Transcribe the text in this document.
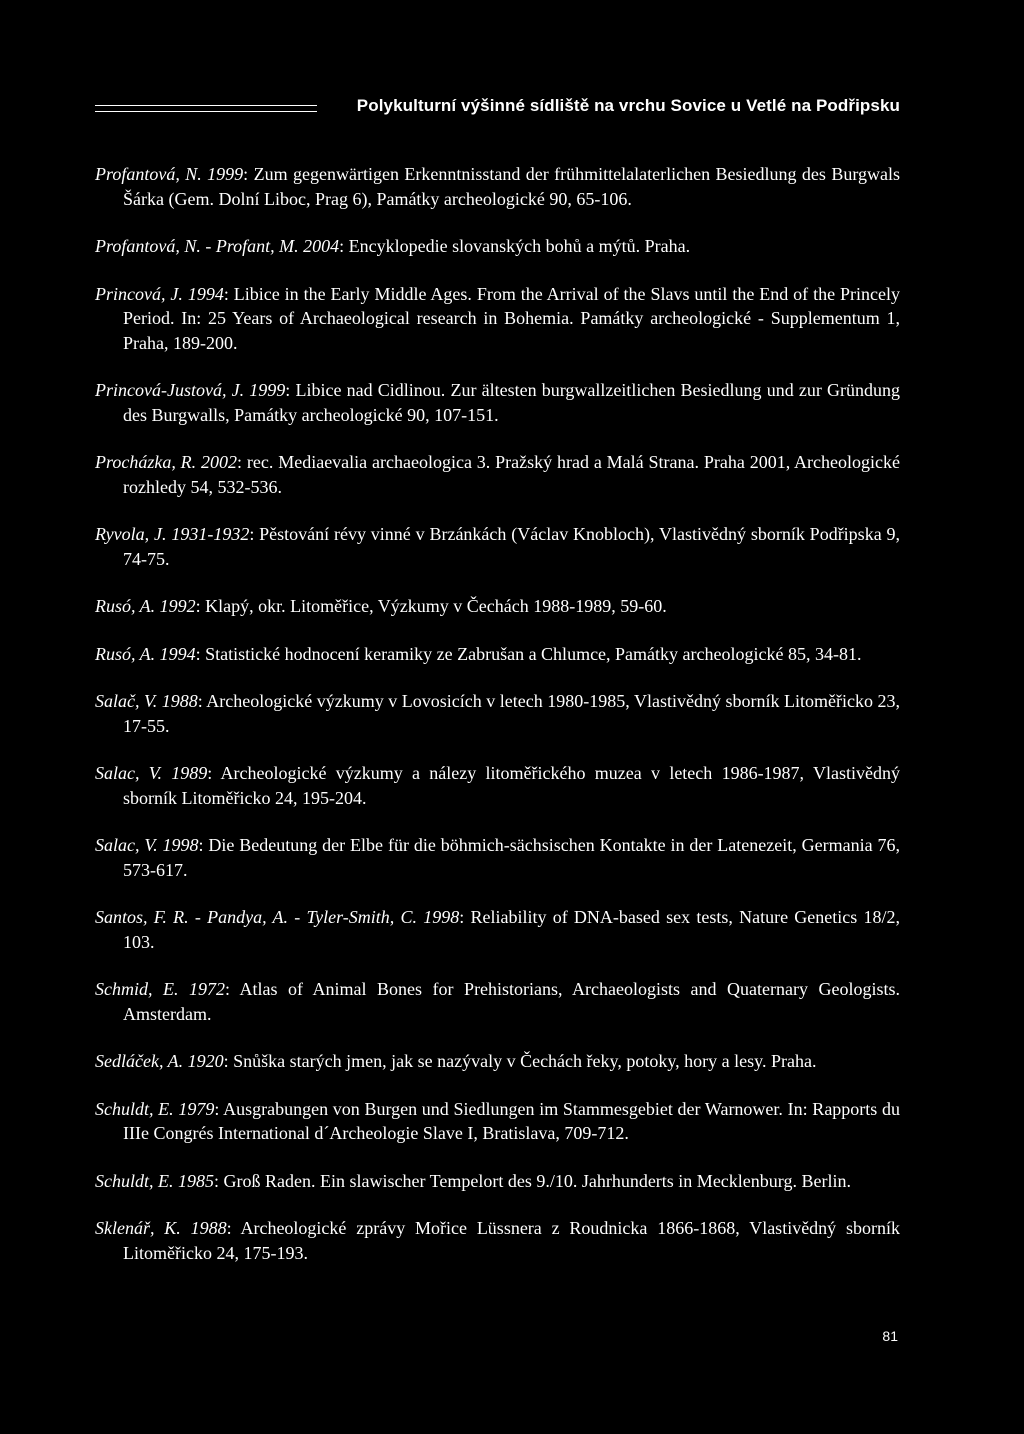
Polykulturní výšinné sídliště na vrchu Sovice u Vetlé na Podřipsku

Profantová, N. 1999: Zum gegenwärtigen Erkenntnisstand der frühmittelalaterlichen Besiedlung des Burgwals Šárka (Gem. Dolní Liboc, Prag 6), Památky archeologické 90, 65-106.

Profantová, N. - Profant, M. 2004: Encyklopedie slovanských bohů a mýtů. Praha.

Princová, J. 1994: Libice in the Early Middle Ages. From the Arrival of the Slavs until the End of the Princely Period. In: 25 Years of Archaeological research in Bohemia. Památky archeologické - Supplementum 1, Praha, 189-200.

Princová-Justová, J. 1999: Libice nad Cidlinou. Zur ältesten burgwallzeitlichen Besiedlung und zur Gründung des Burgwalls, Památky archeologické 90, 107-151.

Procházka, R. 2002: rec. Mediaevalia archaeologica 3. Pražský hrad a Malá Strana. Praha 2001, Archeologické rozhledy 54, 532-536.

Ryvola, J. 1931-1932: Pěstování révy vinné v Brzánkách (Václav Knobloch), Vlastivědný sborník Podřipska 9, 74-75.

Rusó, A. 1992: Klapý, okr. Litoměřice, Výzkumy v Čechách 1988-1989, 59-60.

Rusó, A. 1994: Statistické hodnocení keramiky ze Zabrušan a Chlumce, Památky archeologické 85, 34-81.

Salač, V. 1988: Archeologické výzkumy v Lovosicích v letech 1980-1985, Vlastivědný sborník Litoměřicko 23, 17-55.

Salac, V. 1989: Archeologické výzkumy a nálezy litoměřického muzea v letech 1986-1987, Vlastivědný sborník Litoměřicko 24, 195-204.

Salac, V. 1998: Die Bedeutung der Elbe für die böhmich-sächsischen Kontakte in der Latenezeit, Germania 76, 573-617.

Santos, F. R. - Pandya, A. - Tyler-Smith, C. 1998: Reliability of DNA-based sex tests, Nature Genetics 18/2, 103.

Schmid, E. 1972: Atlas of Animal Bones for Prehistorians, Archaeologists and Quaternary Geologists. Amsterdam.

Sedláček, A. 1920: Snůška starých jmen, jak se nazývaly v Čechách řeky, potoky, hory a lesy. Praha.

Schuldt, E. 1979: Ausgrabungen von Burgen und Siedlungen im Stammesgebiet der Warnower. In: Rapports du IIIe Congrés International d´Archeologie Slave I, Bratislava, 709-712.

Schuldt, E. 1985: Groß Raden. Ein slawischer Tempelort des 9./10. Jahrhunderts in Mecklenburg. Berlin.

Sklenář, K. 1988: Archeologické zprávy Mořice Lüssnera z Roudnicka 1866-1868, Vlastivědný sborník Litoměřicko 24, 175-193.

81
